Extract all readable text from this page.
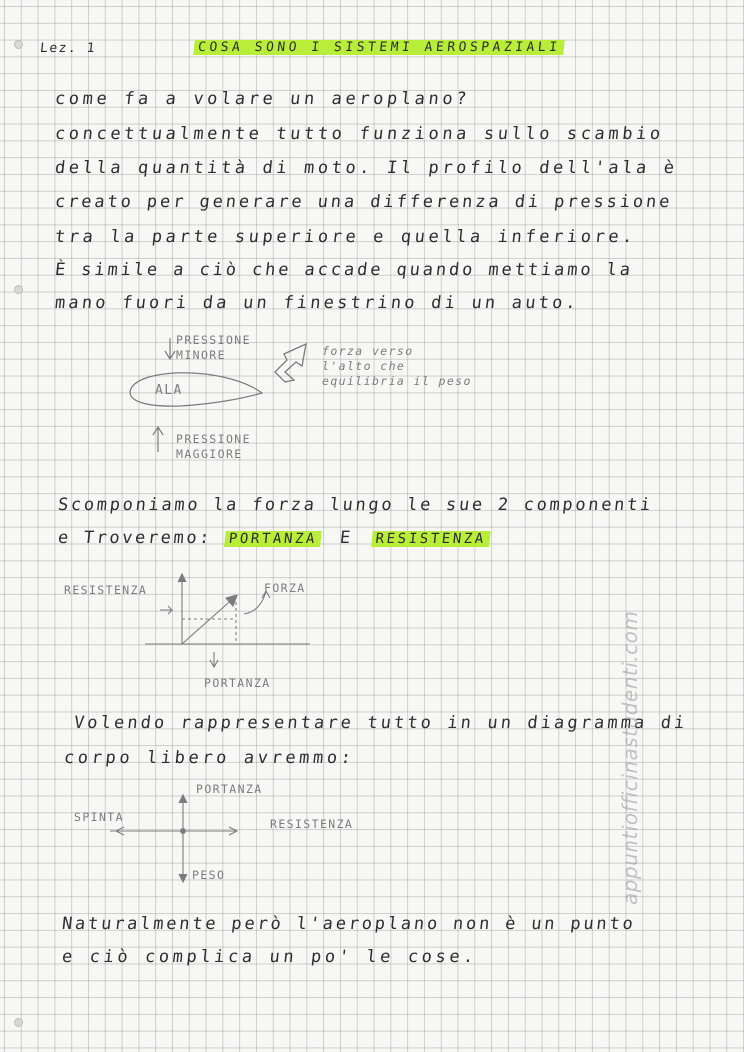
Lez. 1	COSA SONO I SISTEMI AEROSPAZIALI
come fa a volare un aeroplano?
concettualmente tutto funziona sullo scambio
della quantità di moto. Il profilo dell'ala è
creato per generare una differenza di pressione
tra la parte superiore e quella inferiore.
È simile a ciò che accade quando mettiamo la
mano fuori da un finestrino di un auto.
ALA
PRESSIONE
MINORE
PRESSIONE
MAGGIORE
forza verso
l'alto che
equilibria il peso
Scomponiamo la forza lungo le sue 2 componenti
e Troveremo: PORTANZA E RESISTENZA
RESISTENZA	FORZA
PORTANZA
Volendo rappresentare tutto in un diagramma di
corpo libero avremmo:
PORTANZA
SPINTA	RESISTENZA
PESO
Naturalmente però l'aeroplano non è un punto
e ciò complica un po' le cose.
appuntiofficinastudenti.com
